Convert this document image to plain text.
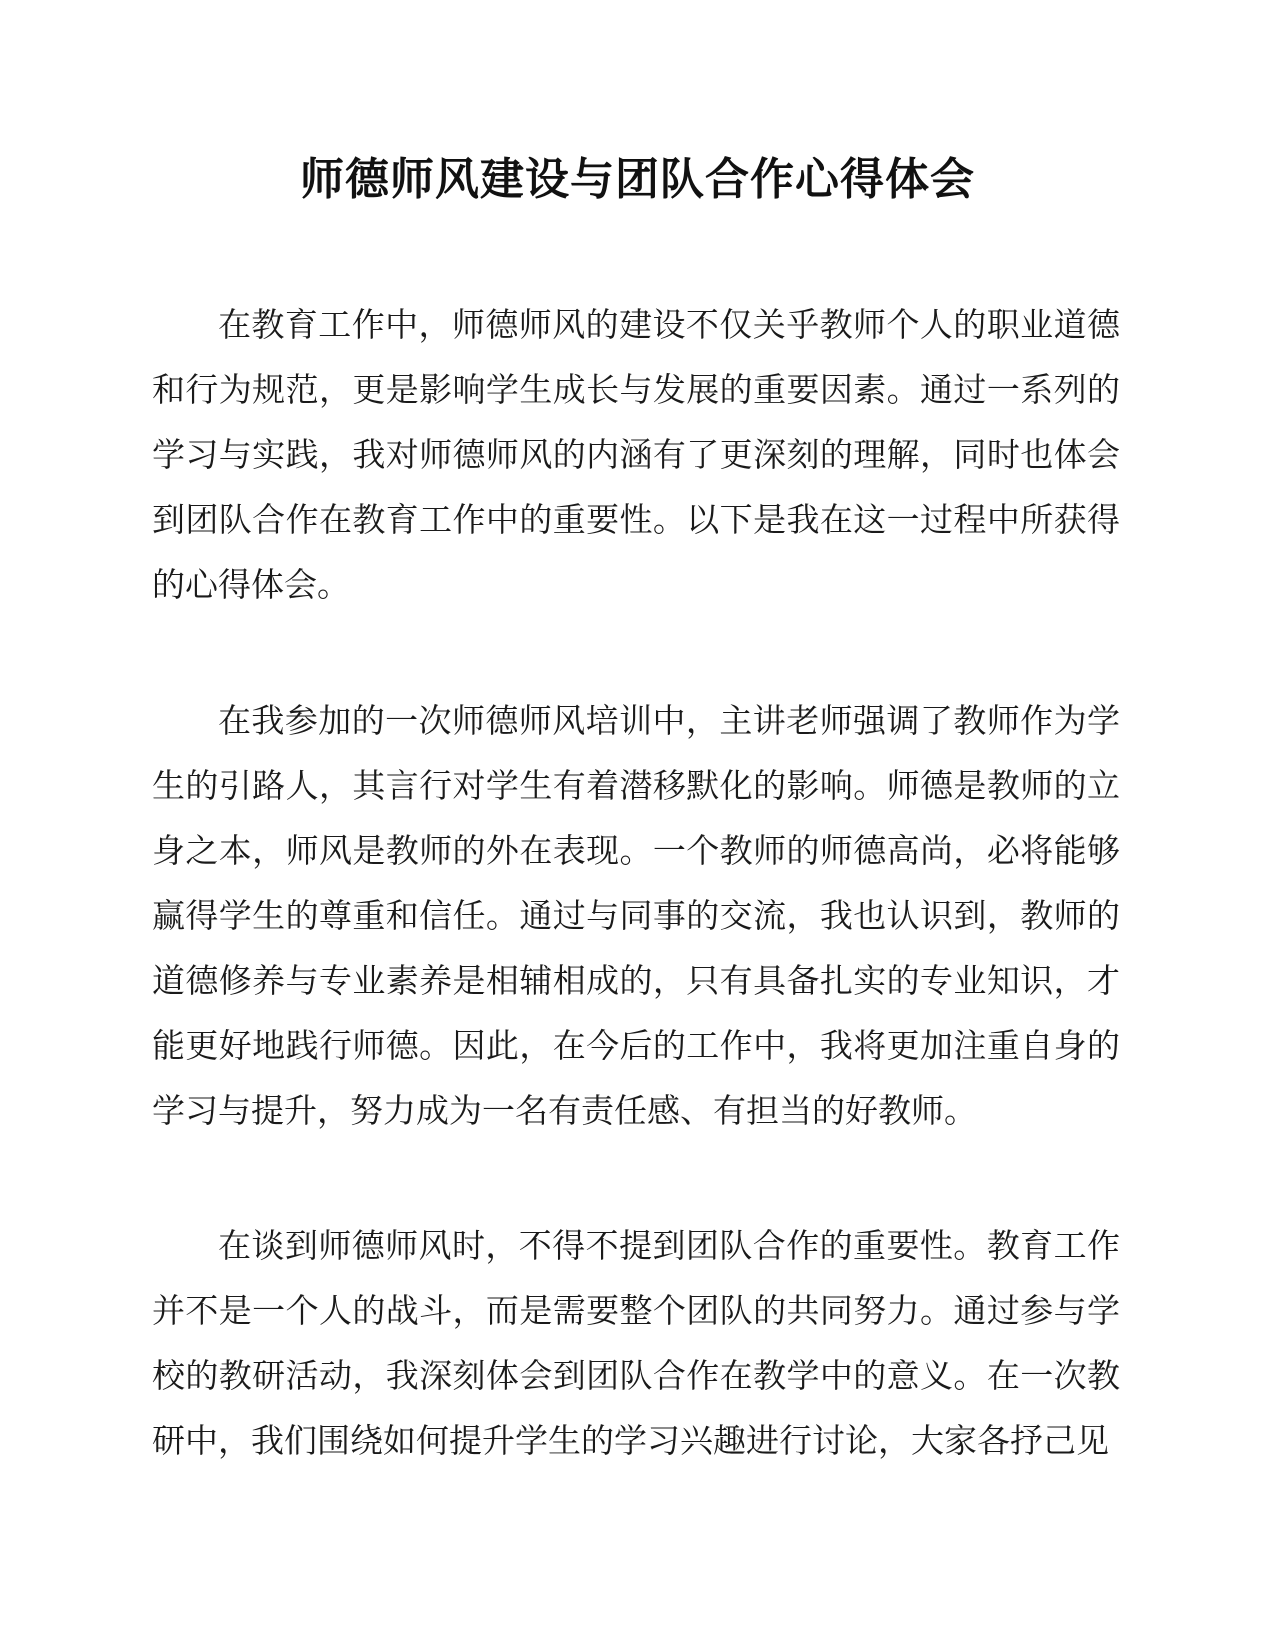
师德师风建设与团队合作心得体会

在教育工作中，师德师风的建设不仅关乎教师个人的职业道德和行为规范，更是影响学生成长与发展的重要因素。通过一系列的学习与实践，我对师德师风的内涵有了更深刻的理解，同时也体会到团队合作在教育工作中的重要性。以下是我在这一过程中所获得的心得体会。

在我参加的一次师德师风培训中，主讲老师强调了教师作为学生的引路人，其言行对学生有着潜移默化的影响。师德是教师的立身之本，师风是教师的外在表现。一个教师的师德高尚，必将能够赢得学生的尊重和信任。通过与同事的交流，我也认识到，教师的道德修养与专业素养是相辅相成的，只有具备扎实的专业知识，才能更好地践行师德。因此，在今后的工作中，我将更加注重自身的学习与提升，努力成为一名有责任感、有担当的好教师。

在谈到师德师风时，不得不提到团队合作的重要性。教育工作并不是一个人的战斗，而是需要整个团队的共同努力。通过参与学校的教研活动，我深刻体会到团队合作在教学中的意义。在一次教研中，我们围绕如何提升学生的学习兴趣进行讨论，大家各抒己见
